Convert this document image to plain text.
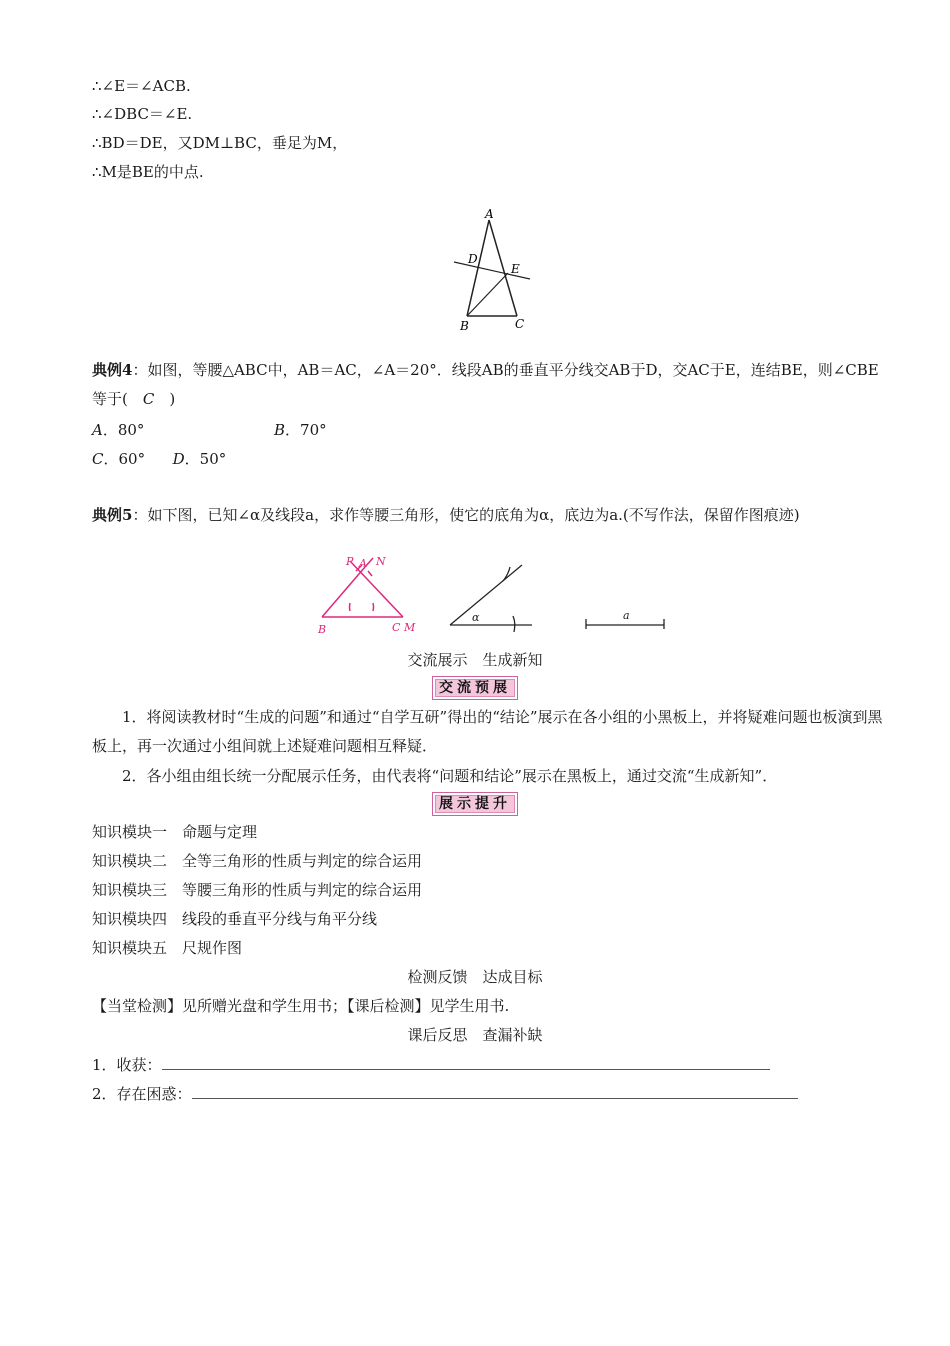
∴∠E＝∠ACB.
∴∠DBC＝∠E.
∴BD＝DE，又DM⊥BC，垂足为M，
∴M是BE的中点.
A
D
E
B	C
典例4：如图，等腰△ABC中，AB＝AC，∠A＝20°．线段AB的垂直平分线交AB于D，交AC于E，连结BE，则∠CBE等于(　 C　 )
A．80°	B．70°
C．60° D．50°
典例5：如下图，已知∠α及线段a，求作等腰三角形，使它的底角为α，底边为a.(不写作法，保留作图痕迹)
P A N
B	C M
α	a
交流展示　生成新知
交流预展
1．将阅读教材时“生成的问题”和通过“自学互研”得出的“结论”展示在各小组的小黑板上，并将疑难问题也板演到黑板上，再一次通过小组间就上述疑难问题相互释疑．
2．各小组由组长统一分配展示任务，由代表将“问题和结论”展示在黑板上，通过交流“生成新知”．
展示提升
知识模块一　命题与定理
知识模块二　全等三角形的性质与判定的综合运用
知识模块三　等腰三角形的性质与判定的综合运用
知识模块四　线段的垂直平分线与角平分线
知识模块五　尺规作图
检测反馈　达成目标
【当堂检测】见所赠光盘和学生用书；【课后检测】见学生用书.
课后反思　查漏补缺
1．收获：
2．存在困惑：
